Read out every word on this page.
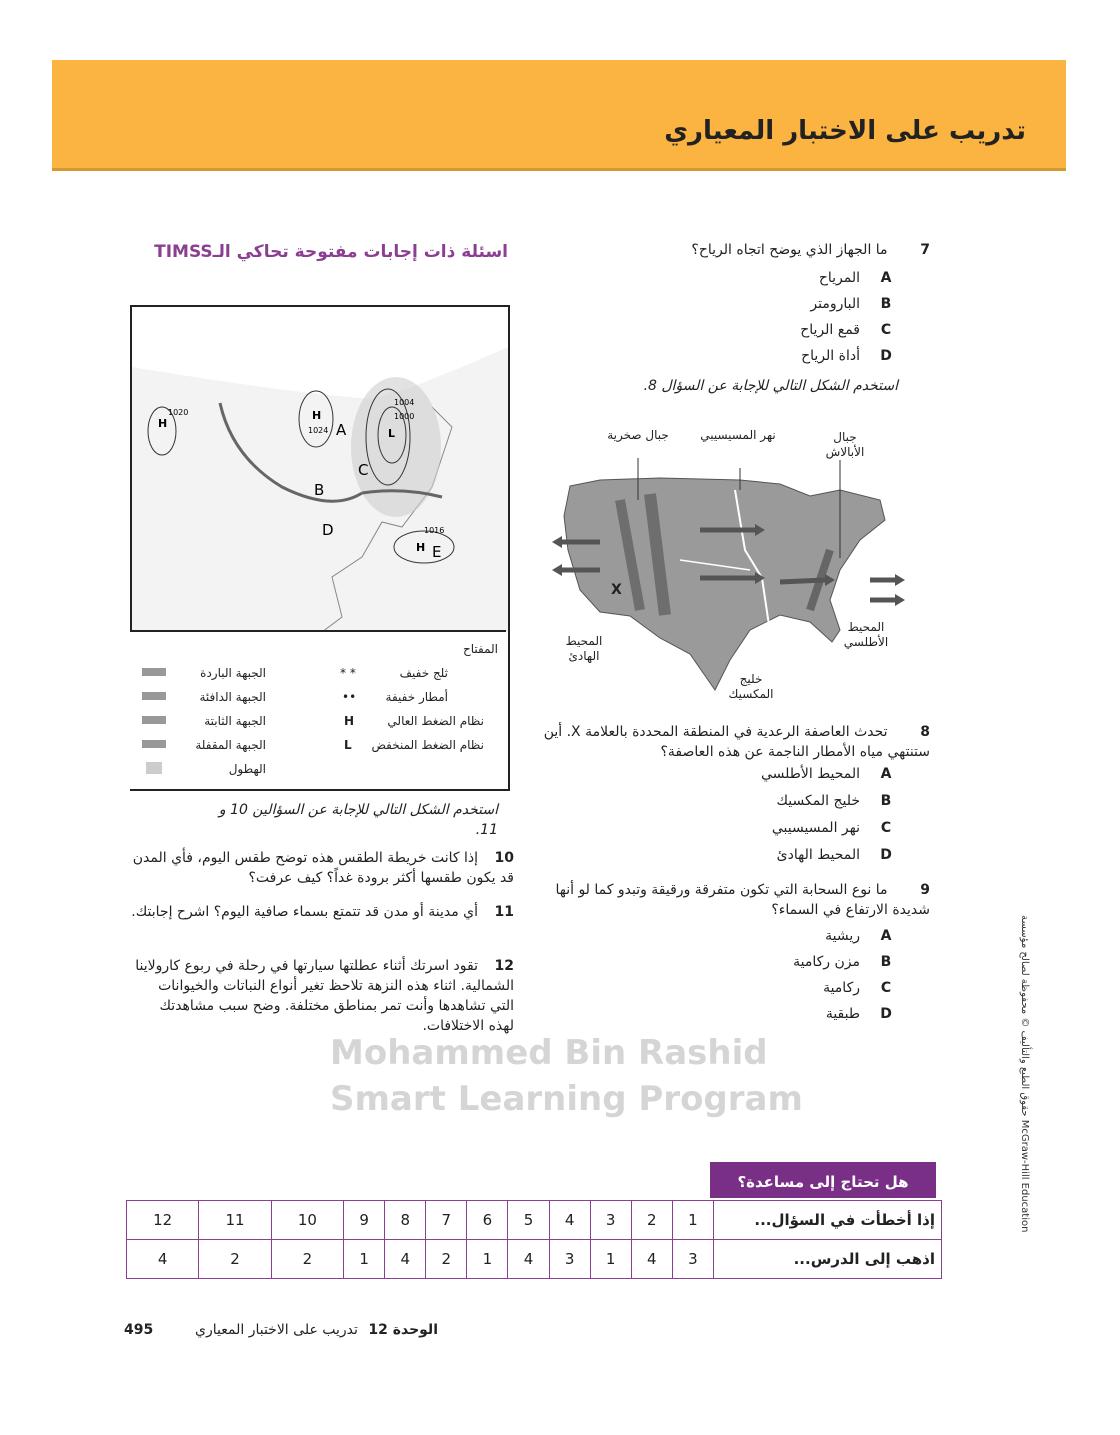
تدريب على الاختبار المعياري
Mohammed Bin Rashid
Smart Learning Program
7 ما الجهاز الذي يوضح اتجاه الرياح؟
Aالمرياح
Bالبارومتر
Cقمع الرياح
Dأداة الرياح
استخدم الشكل التالي للإجابة عن السؤال 8.
X
جبال صخرية	نهر المسيسيبي	جبال الأبالاش
المحيط الهادئ
المحيط الأطلسي
خليج المكسيك
8 تحدث العاصفة الرعدية في المنطقة المحددة بالعلامة X. أين ستنتهي مياه الأمطار الناجمة عن هذه العاصفة؟
Aالمحيط الأطلسي
Bخليج المكسيك
Cنهر المسيسيبي
Dالمحيط الهادئ
9 ما نوع السحابة التي تكون متفرقة ورقيقة وتبدو كما لو أنها شديدة الارتفاع في السماء؟
Aريشية
Bمزن ركامية
Cركامية
Dطبقية
اسئلة ذات إجابات مفتوحة تحاكي الـTIMSS
H
H
L
H
1020
1024
1004
1000
1016
A
B
C
D
E
المفتاح
الجبهة الباردة
الجبهة الدافئة
الجبهة الثابتة
الجبهة المقفلة
الهطول
ثلج خفيف
أمطار خفيفة
نظام الضغط العالي
نظام الضغط المنخفض
* *
••
H
L
استخدم الشكل التالي للإجابة عن السؤالين 10 و 11.
10إذا كانت خريطة الطقس هذه توضح طقس اليوم، فأي المدن قد يكون طقسها أكثر برودة غداً؟ كيف عرفت؟
11أي مدينة أو مدن قد تتمتع بسماء صافية اليوم؟ اشرح إجابتك.
12تقود اسرتك أثناء عطلتها سيارتها في رحلة في ربوع كارولاينا الشمالية. اثناء هذه النزهة تلاحظ تغير أنواع النباتات والخيوانات التي تشاهدها وأنت تمر بمناطق مختلفة. وضح سبب مشاهدتك لهذه الاختلافات.	حقوق الطبع والتأليف © محفوظة لصالح مؤسسة McGraw-Hill Education
هل تحتاج إلى مساعدة؟
12	11	10	9	8	7	6	5	4	3	2	1	إذا أخطأت في السؤال...
4	2	2	1	4	2	1	4	3	1	4	3	اذهب إلى الدرس...
الوحدة 12 تدريب على الاختبار المعياري
495
